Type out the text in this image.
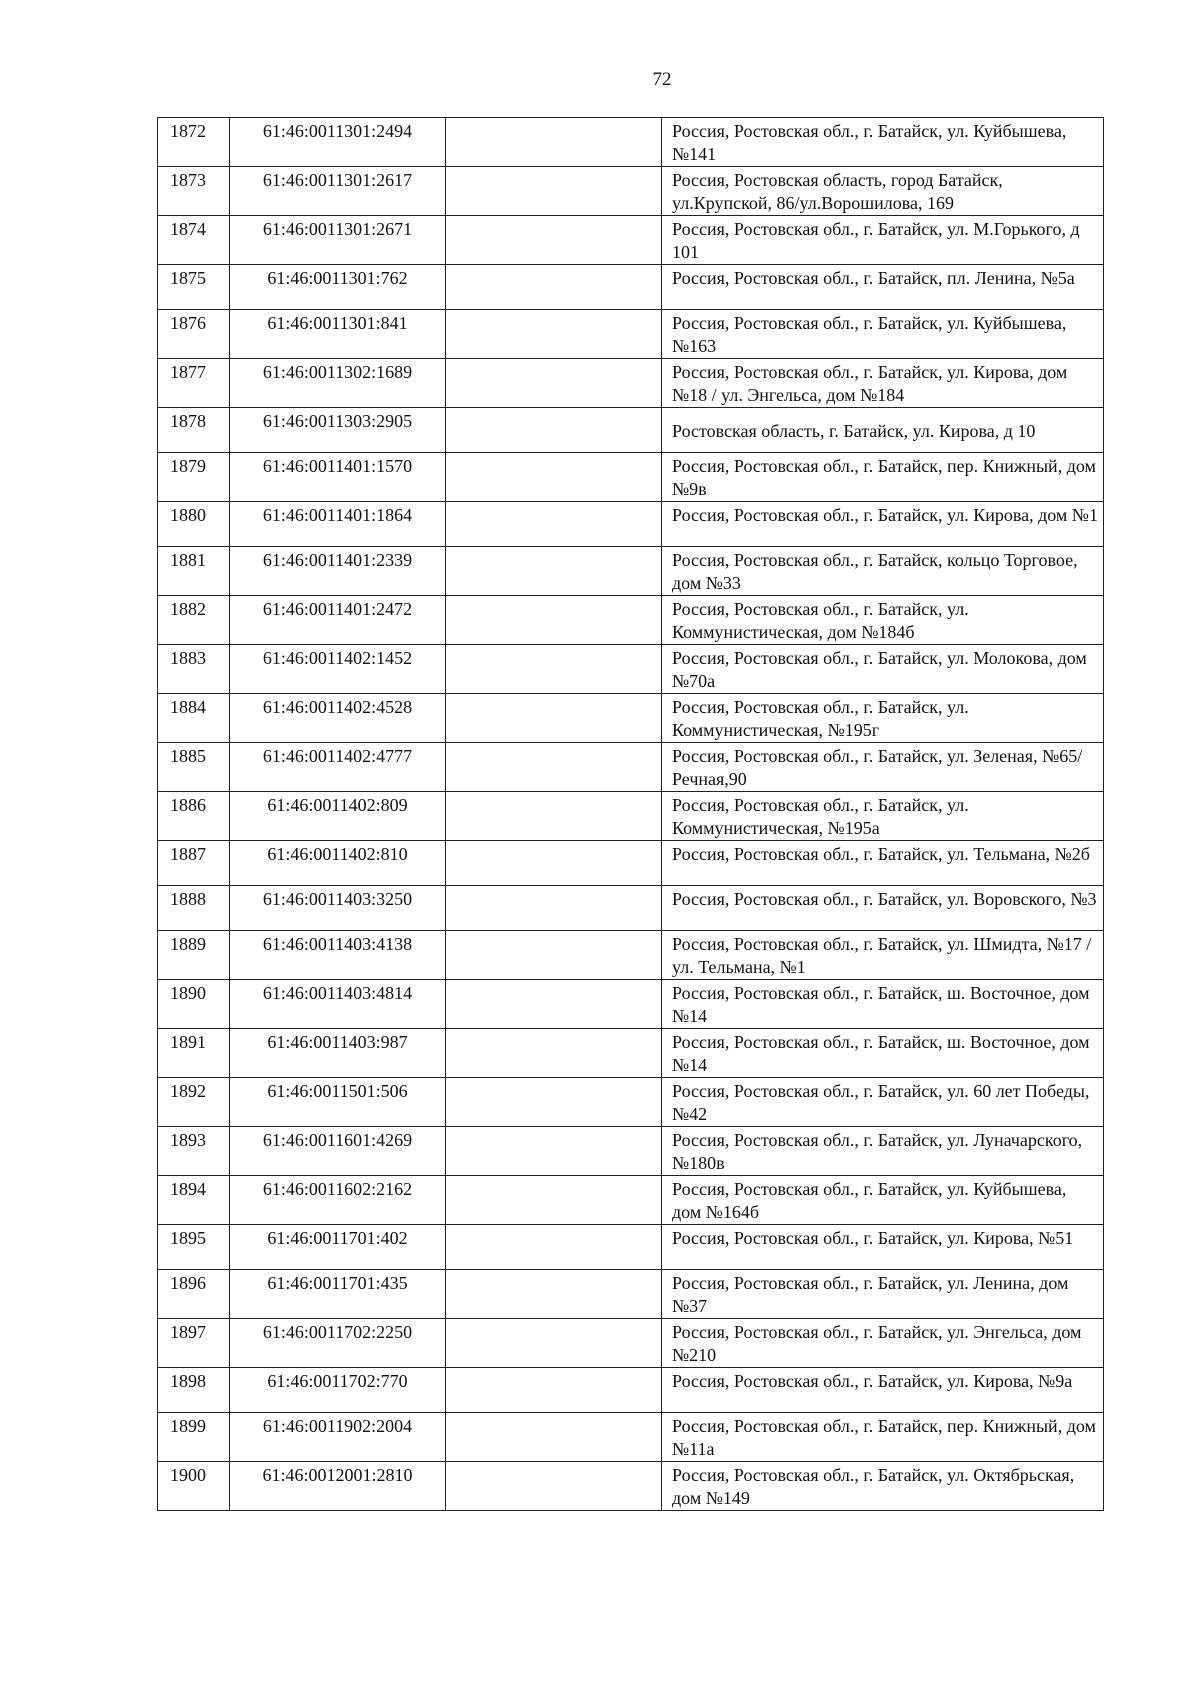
72
1872	61:46:0011301:2494		Россия, Ростовская обл., г. Батайск, ул. Куйбышева, №141
1873	61:46:0011301:2617		Россия, Ростовская область, город Батайск, ул.Крупской, 86/ул.Ворошилова, 169
1874	61:46:0011301:2671		Россия, Ростовская обл., г. Батайск, ул. М.Горького, д 101
1875	61:46:0011301:762		Россия, Ростовская обл., г. Батайск, пл. Ленина, №5а
1876	61:46:0011301:841		Россия, Ростовская обл., г. Батайск, ул. Куйбышева, №163
1877	61:46:0011302:1689		Россия, Ростовская обл., г. Батайск, ул. Кирова, дом №18 / ул. Энгельса, дом №184
1878	61:46:0011303:2905		Ростовская область, г. Батайск, ул. Кирова, д 10
1879	61:46:0011401:1570		Россия, Ростовская обл., г. Батайск, пер. Книжный, дом №9в
1880	61:46:0011401:1864		Россия, Ростовская обл., г. Батайск, ул. Кирова, дом №1
1881	61:46:0011401:2339		Россия, Ростовская обл., г. Батайск, кольцо Торговое, дом №33
1882	61:46:0011401:2472		Россия, Ростовская обл., г. Батайск, ул. Коммунистическая, дом №184б
1883	61:46:0011402:1452		Россия, Ростовская обл., г. Батайск, ул. Молокова, дом №70а
1884	61:46:0011402:4528		Россия, Ростовская обл., г. Батайск, ул. Коммунистическая, №195г
1885	61:46:0011402:4777		Россия, Ростовская обл., г. Батайск, ул. Зеленая, №65/Речная,90
1886	61:46:0011402:809		Россия, Ростовская обл., г. Батайск, ул. Коммунистическая, №195а
1887	61:46:0011402:810		Россия, Ростовская обл., г. Батайск, ул. Тельмана, №2б
1888	61:46:0011403:3250		Россия, Ростовская обл., г. Батайск, ул. Воровского, №3
1889	61:46:0011403:4138		Россия, Ростовская обл., г. Батайск, ул. Шмидта, №17 / ул. Тельмана, №1
1890	61:46:0011403:4814		Россия, Ростовская обл., г. Батайск, ш. Восточное, дом №14
1891	61:46:0011403:987		Россия, Ростовская обл., г. Батайск, ш. Восточное, дом №14
1892	61:46:0011501:506		Россия, Ростовская обл., г. Батайск, ул. 60 лет Победы, №42
1893	61:46:0011601:4269		Россия, Ростовская обл., г. Батайск, ул. Луначарского, №180в
1894	61:46:0011602:2162		Россия, Ростовская обл., г. Батайск, ул. Куйбышева, дом №164б
1895	61:46:0011701:402		Россия, Ростовская обл., г. Батайск, ул. Кирова, №51
1896	61:46:0011701:435		Россия, Ростовская обл., г. Батайск, ул. Ленина, дом №37
1897	61:46:0011702:2250		Россия, Ростовская обл., г. Батайск, ул. Энгельса, дом №210
1898	61:46:0011702:770		Россия, Ростовская обл., г. Батайск, ул. Кирова, №9а
1899	61:46:0011902:2004		Россия, Ростовская обл., г. Батайск, пер. Книжный, дом №11а
1900	61:46:0012001:2810		Россия, Ростовская обл., г. Батайск, ул. Октябрьская, дом №149
